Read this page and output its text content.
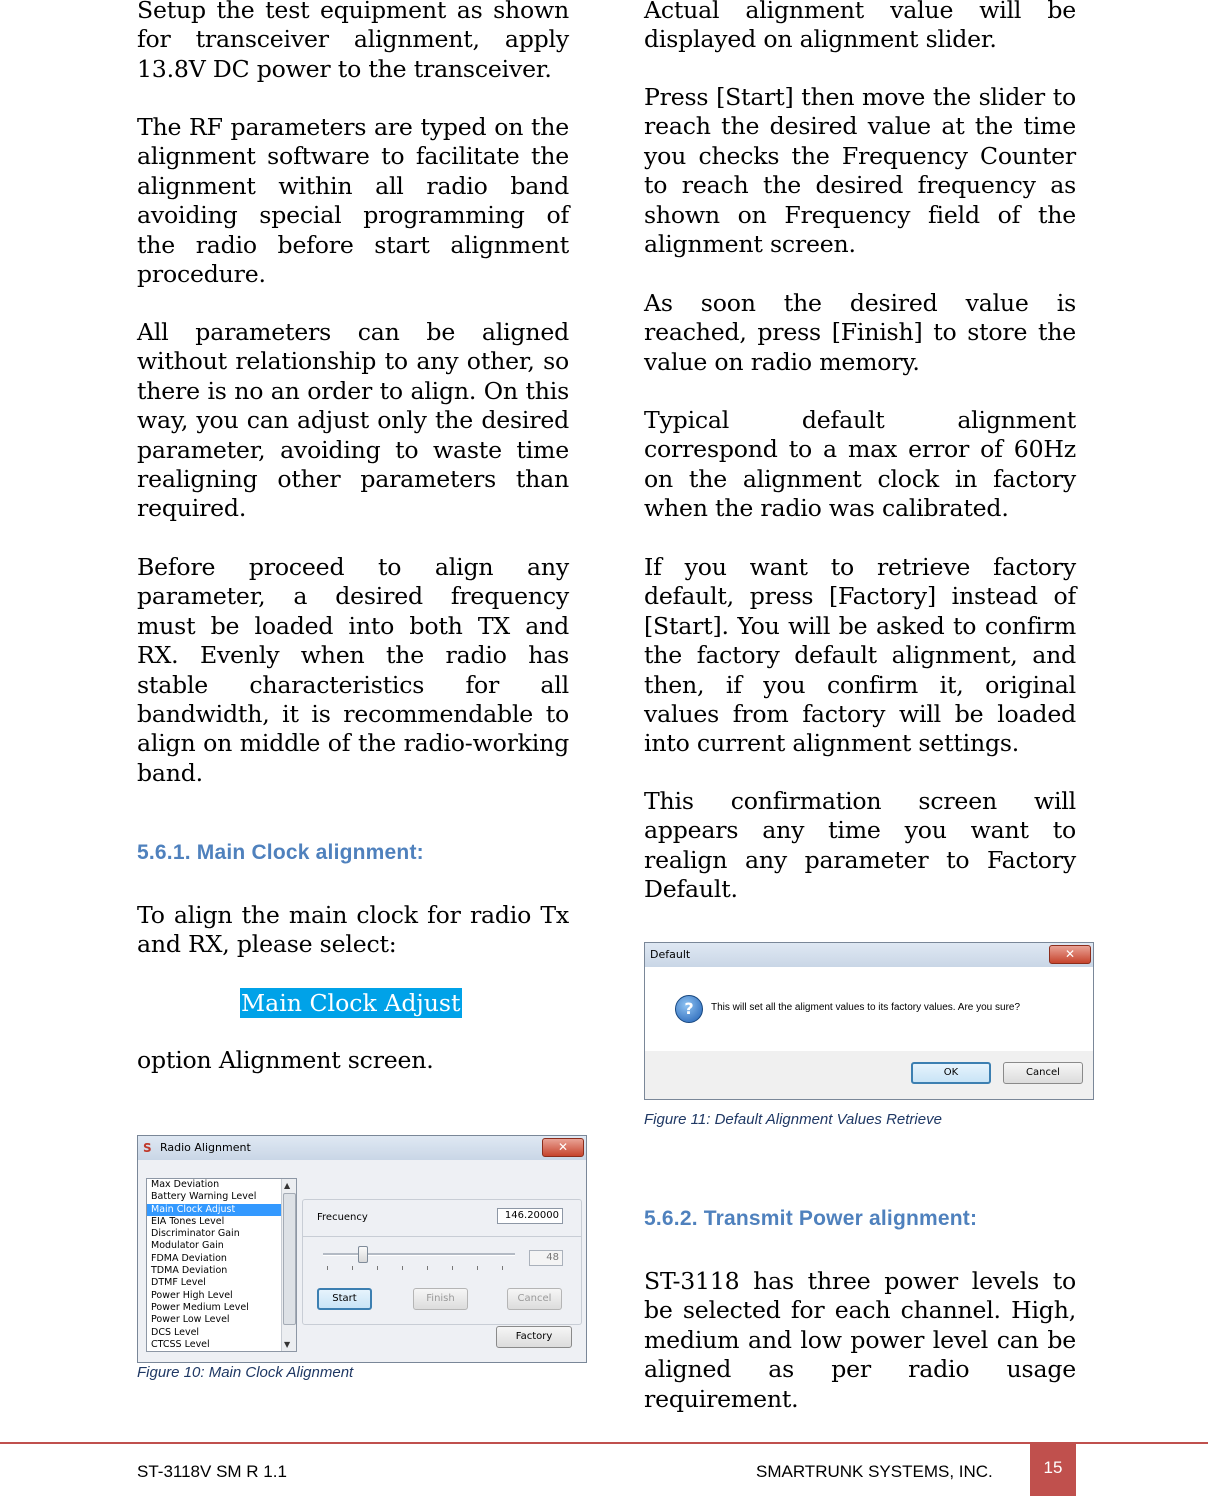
Setup the test equipment as shown for transceiver alignment, apply 13.8V DC power to the transceiver.

The RF parameters are typed on the alignment software to facilitate the alignment within all radio band avoiding special programming of the radio before start alignment procedure.

All parameters can be aligned without relationship to any other, so there is no an order to align. On this way, you can adjust only the desired parameter, avoiding to waste time realigning other parameters than required.

Before proceed to align any parameter, a desired frequency must be loaded into both TX and RX. Evenly when the radio has stable characteristics for all bandwidth, it is recommendable to align on middle of the radio-working band.

5.6.1. Main Clock alignment:

To align the main clock for radio Tx and RX, please select:

Main Clock Adjust

option Alignment screen.

S Radio Alignment	✕
Max Deviation
Battery Warning Level
Main Clock Adjust
EIA Tones Level
Discriminator Gain
Modulator Gain
FDMA Deviation
TDMA Deviation
DTMF Level
Power High Level
Power Medium Level
Power Low Level
DCS Level
CTCSS Level
▲
▼
Frecuency	146.20000
48
Start	Finish	Cancel
Factory
Figure 10: Main Clock Alignment

Actual alignment value will be displayed on alignment slider.

Press [Start] then move the slider to reach the desired value at the time you checks the Frequency Counter to reach the desired frequency as shown on Frequency field of the alignment screen.

As soon the desired value is reached, press [Finish] to store the value on radio memory.

Typical default alignment correspond to a max error of 60Hz on the alignment clock in factory when the radio was calibrated.

If you want to retrieve factory default, press [Factory] instead of [Start]. You will be asked to confirm the factory default alignment, and then, if you confirm it, original values from factory will be loaded into current alignment settings.

This confirmation screen will appears any time you want to realign any parameter to Factory Default.

Default	✕
?	This will set all the aligment values to its factory values. Are you sure?
OK	Cancel
Figure 11: Default Alignment Values Retrieve
5.6.2. Transmit Power alignment:

ST-3118 has three power levels to be selected for each channel. High, medium and low power level can be aligned as per radio usage requirement.

ST-3118V SM R 1.1	SMARTRUNK SYSTEMS, INC.	15
